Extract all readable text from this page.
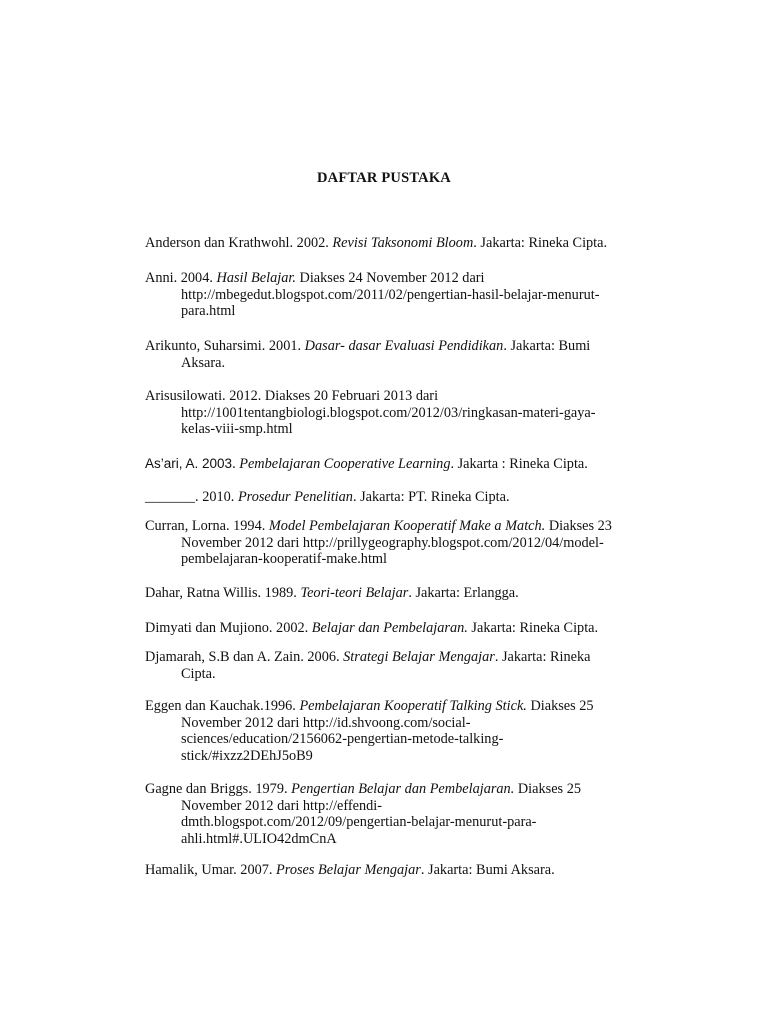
DAFTAR PUSTAKA
Anderson dan Krathwohl. 2002. Revisi Taksonomi Bloom. Jakarta: Rineka Cipta.
Anni. 2004. Hasil Belajar. Diakses 24 November 2012 dari
http://mbegedut.blogspot.com/2011/02/pengertian-hasil-belajar-menurut-
para.html
Arikunto, Suharsimi. 2001. Dasar- dasar Evaluasi Pendidikan. Jakarta: Bumi
Aksara.
Arisusilowati. 2012. Diakses 20 Februari 2013 dari
http://1001tentangbiologi.blogspot.com/2012/03/ringkasan-materi-gaya-
kelas-viii-smp.html
As’ari, A. 2003. Pembelajaran Cooperative Learning. Jakarta : Rineka Cipta.
_______. 2010. Prosedur Penelitian. Jakarta: PT. Rineka Cipta.
Curran, Lorna. 1994. Model Pembelajaran Kooperatif Make a Match. Diakses 23
November 2012 dari http://prillygeography.blogspot.com/2012/04/model-
pembelajaran-kooperatif-make.html
Dahar, Ratna Willis. 1989. Teori-teori Belajar. Jakarta: Erlangga.
Dimyati dan Mujiono. 2002. Belajar dan Pembelajaran. Jakarta: Rineka Cipta.
Djamarah, S.B dan A. Zain. 2006. Strategi Belajar Mengajar. Jakarta: Rineka
Cipta.
Eggen dan Kauchak.1996. Pembelajaran Kooperatif Talking Stick. Diakses 25
November 2012 dari http://id.shvoong.com/social-
sciences/education/2156062-pengertian-metode-talking-
stick/#ixzz2DEhJ5oB9
Gagne dan Briggs. 1979. Pengertian Belajar dan Pembelajaran. Diakses 25
November 2012 dari http://effendi-
dmth.blogspot.com/2012/09/pengertian-belajar-menurut-para-
ahli.html#.ULIO42dmCnA
Hamalik, Umar. 2007. Proses Belajar Mengajar. Jakarta: Bumi Aksara.
